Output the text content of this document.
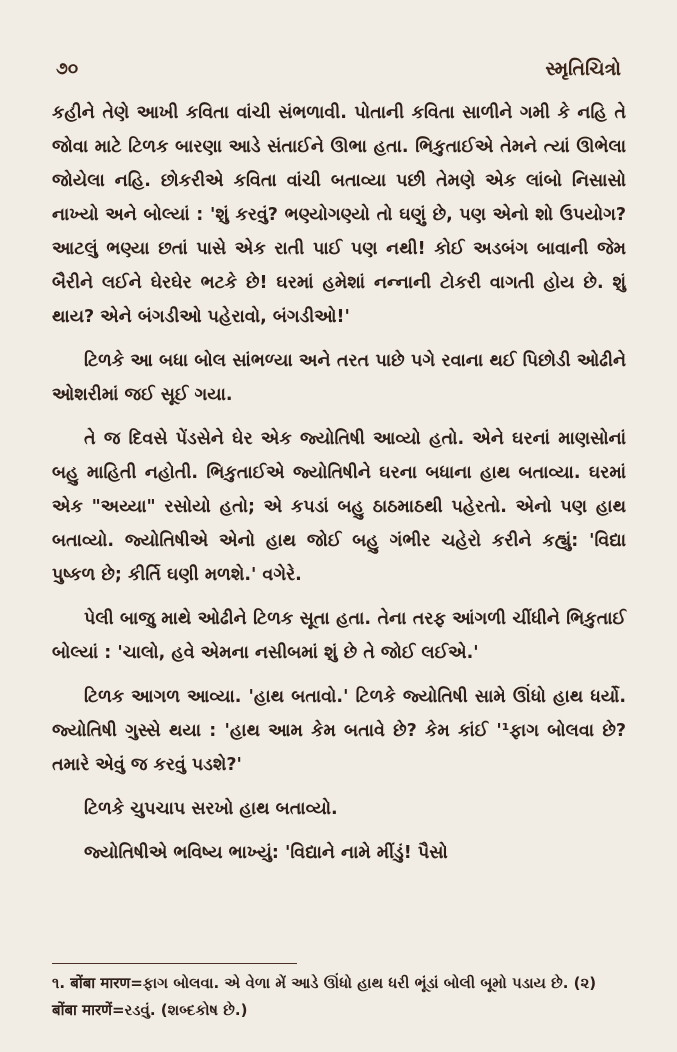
૭૦	સ્મૃતિચિત્રો

કહીને તેણે આખી કવિતા વાંચી સંભળાવી. પોતાની કવિતા સાળીને ગમી કે નહિ તે જોવા માટે ટિળક બારણા આડે સંતાઈને ઊભા હતા. ભિકુતાઈએ તેમને ત્યાં ઊભેલા જોયેલા નહિ. છોકરીએ કવિતા વાંચી બતાવ્યા પછી તેમણે એક લાંબો નિસાસો નાખ્યો અને બોલ્યાં : 'શું કરવું? ભણ્યોગણ્યો તો ઘણું છે, પણ એનો શો ઉપયોગ? આટલું ભણ્યા છતાં પાસે એક રાતી પાઈ પણ નથી! કોઈ અડબંગ બાવાની જેમ બૈરીને લઈને ઘેરઘેર ભટકે છે! ઘરમાં હમેશાં નન્નાની ટોકરી વાગતી હોય છે. શું થાય? એને બંગડીઓ પહેરાવો, બંગડીઓ!'

ટિળકે આ બધા બોલ સાંભળ્યા અને તરત પાછે પગે રવાના થઈ પિછોડી ઓઢીને ઓશરીમાં જઈ સૂઈ ગયા.

તે જ દિવસે પેંડસેને ઘેર એક જ્યોતિષી આવ્યો હતો. એને ઘરનાં માણસોનાં બહુ માહિતી નહોતી. ભિકુતાઈએ જ્યોતિષીને ઘરના બધાના હાથ બતાવ્યા. ઘરમાં એક "અય્યા" રસોયો હતો; એ કપડાં બહુ ઠાઠમાઠથી પહેરતો. એનો પણ હાથ બતાવ્યો. જ્યોતિષીએ એનો હાથ જોઈ બહુ ગંભીર ચહેરો કરીને કહ્યું: 'વિદ્યા પુષ્કળ છે; કીર્તિ ઘણી મળશે.' વગેરે.

પેલી બાજુ માથે ઓઢીને ટિળક સૂતા હતા. તેના તરફ આંગળી ચીંધીને ભિકુતાઈ બોલ્યાં : 'ચાલો, હવે એમના નસીબમાં શું છે તે જોઈ લઈએ.'

ટિળક આગળ આવ્યા. 'હાથ બતાવો.' ટિળકે જ્યોતિષી સામે ઊંધો હાથ ધર્યો. જ્યોતિષી ગુસ્સે થયા : 'હાથ આમ કેમ બતાવે છે? કેમ કાંઈ '¹ફાગ બોલવા છે? તમારે એવું જ કરવું પડશે?'

ટિળકે ચુપચાપ સરખો હાથ બતાવ્યો.

જ્યોતિષીએ ભવિષ્ય ભાખ્યું: 'વિદ્યાને નામે મીંડું! પૈસો

૧. बोंबा मारण=ફાગ બોલવા. એ વેળા મેં આડે ઊંધો હાથ ધરી ભૂંડાં બોલી બૂમો પડાય છે. (૨) बोंबा मारणें=રડવું. (શબ્દકોષ છે.)
